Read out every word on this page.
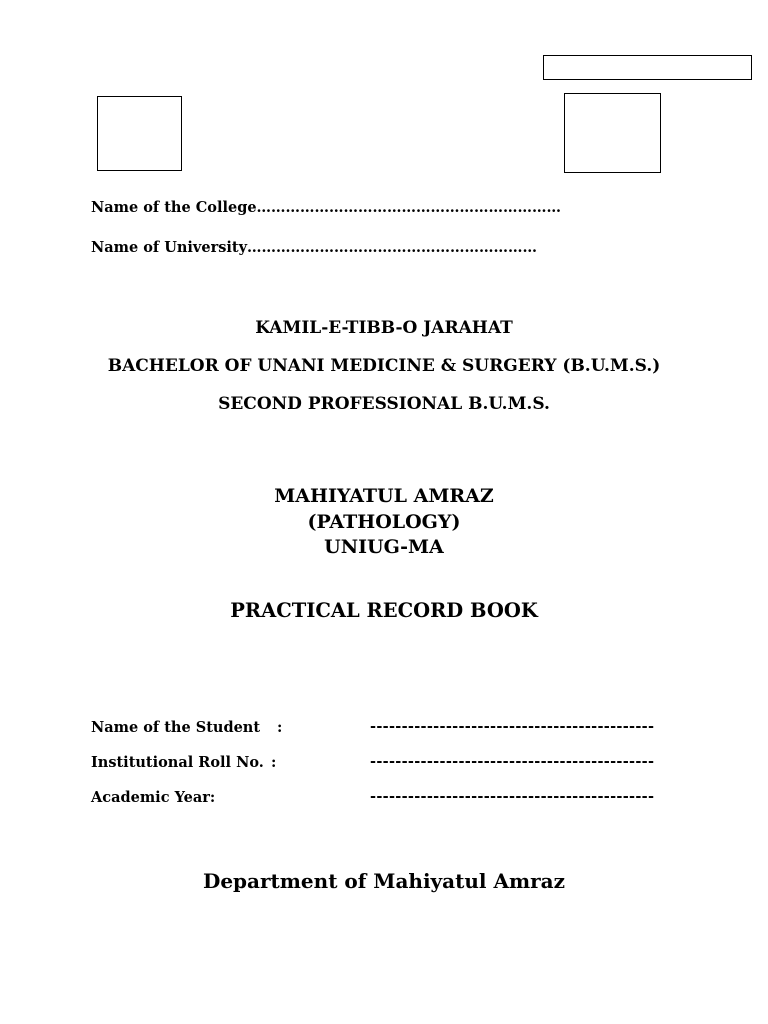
Name of the College………………………………………………………
Name of University……………………………………………………
KAMIL-E-TIBB-O JARAHAT
BACHELOR OF UNANI MEDICINE & SURGERY (B.U.M.S.)
SECOND PROFESSIONAL B.U.M.S.
MAHIYATUL AMRAZ
(PATHOLOGY)
UNIUG-MA
PRACTICAL RECORD BOOK
Name of the Student :	---------------------------------------------
Institutional Roll No. :	---------------------------------------------
Academic Year:	---------------------------------------------
Department of Mahiyatul Amraz
